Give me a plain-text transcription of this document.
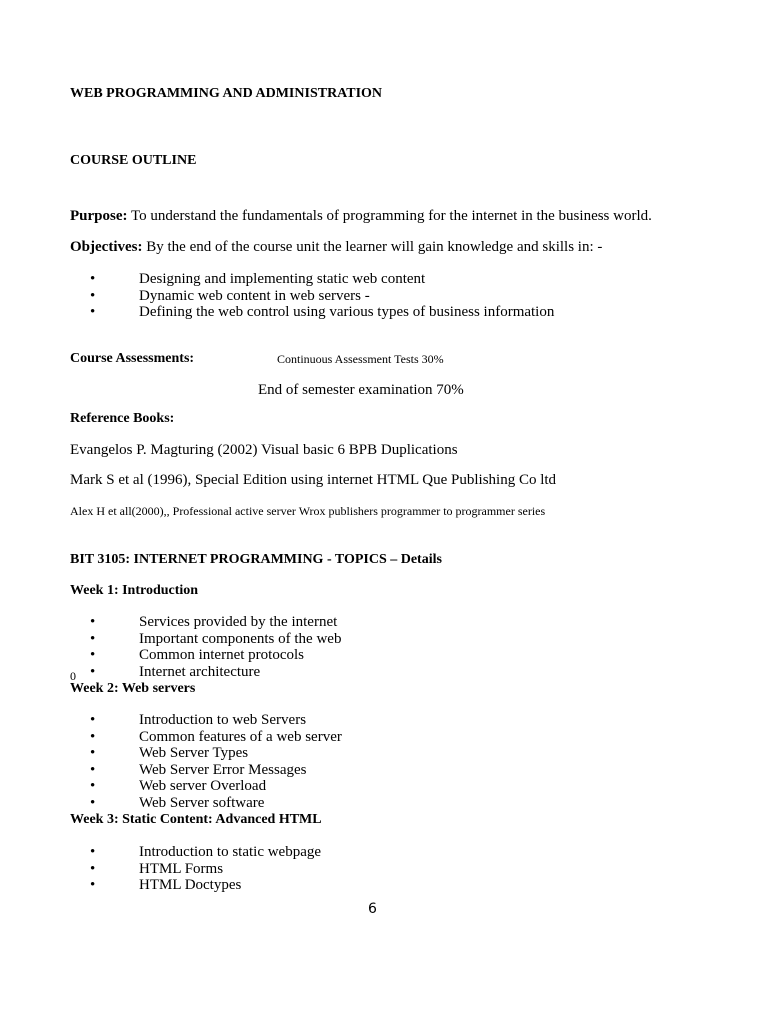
WEB PROGRAMMING AND ADMINISTRATION
COURSE OUTLINE
Purpose: To understand the fundamentals of programming for the internet in the business world.
Objectives: By the end of the course unit the learner will gain knowledge and skills in: -
•	Designing and implementing static web content
•	Dynamic web content in web servers -
•	Defining the web control using various types of business information
Course Assessments:	Continuous Assessment Tests 30%
End of semester examination 70%
Reference Books:
Evangelos P. Magturing (2002) Visual basic 6 BPB Duplications
Mark S et al (1996), Special Edition using internet HTML Que Publishing Co ltd
Alex H et all(2000),, Professional active server Wrox publishers programmer to programmer series
BIT 3105: INTERNET PROGRAMMING - TOPICS – Details
Week 1: Introduction
•	Services provided by the internet
•	Important components of the web
•	Common internet protocols
•	Internet architecture
0
Week 2: Web servers
•	Introduction to web Servers
•	Common features of a web server
•	Web Server Types
•	Web Server Error Messages
•	Web server Overload
•	Web Server software
Week 3: Static Content: Advanced HTML
•	Introduction to static webpage
•	HTML Forms
•	HTML Doctypes
6
